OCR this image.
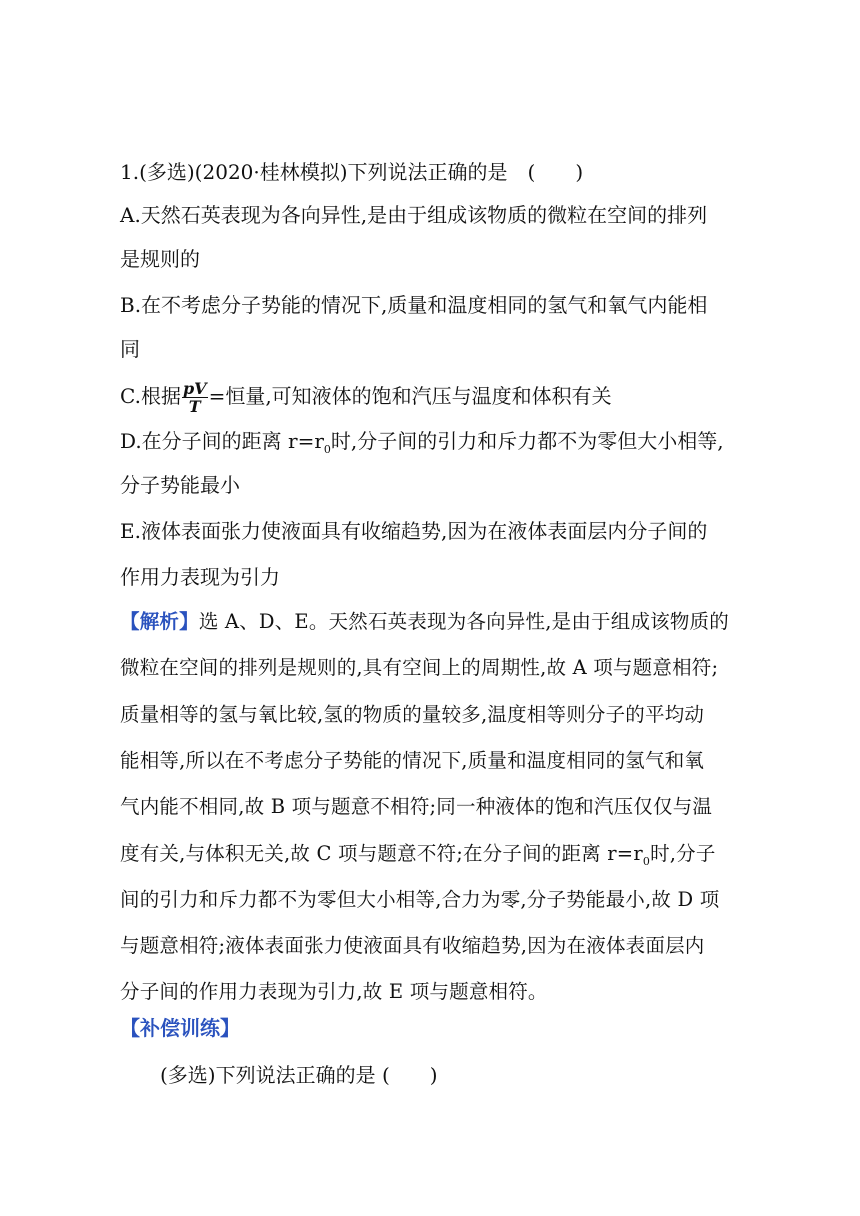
1.(多选)(2020·桂林模拟)下列说法正确的是　(　　)
A.天然石英表现为各向异性,是由于组成该物质的微粒在空间的排列
是规则的
B.在不考虑分子势能的情况下,质量和温度相同的氢气和氧气内能相
同
C.根据 $\frac{pV}{T}$ =恒量,可知液体的饱和汽压与温度和体积有关
D.在分子间的距离 $r=r_0$时,分子间的引力和斥力都不为零但大小相等,
分子势能最小
E.液体表面张力使液面具有收缩趋势,因为在液体表面层内分子间的
作用力表现为引力
【解析】选 A、D、E。天然石英表现为各向异性,是由于组成该物质的
微粒在空间的排列是规则的,具有空间上的周期性,故 A 项与题意相符;
质量相等的氢与氧比较,氢的物质的量较多,温度相等则分子的平均动
能相等,所以在不考虑分子势能的情况下,质量和温度相同的氢气和氧
气内能不相同,故 B 项与题意不相符;同一种液体的饱和汽压仅仅与温
度有关,与体积无关,故 C 项与题意不符;在分子间的距离 $r=r_0$时,分子
间的引力和斥力都不为零但大小相等,合力为零,分子势能最小,故 D 项
与题意相符;液体表面张力使液面具有收缩趋势,因为在液体表面层内
分子间的作用力表现为引力,故 E 项与题意相符。
【补偿训练】
(多选)下列说法正确的是 (　　)
